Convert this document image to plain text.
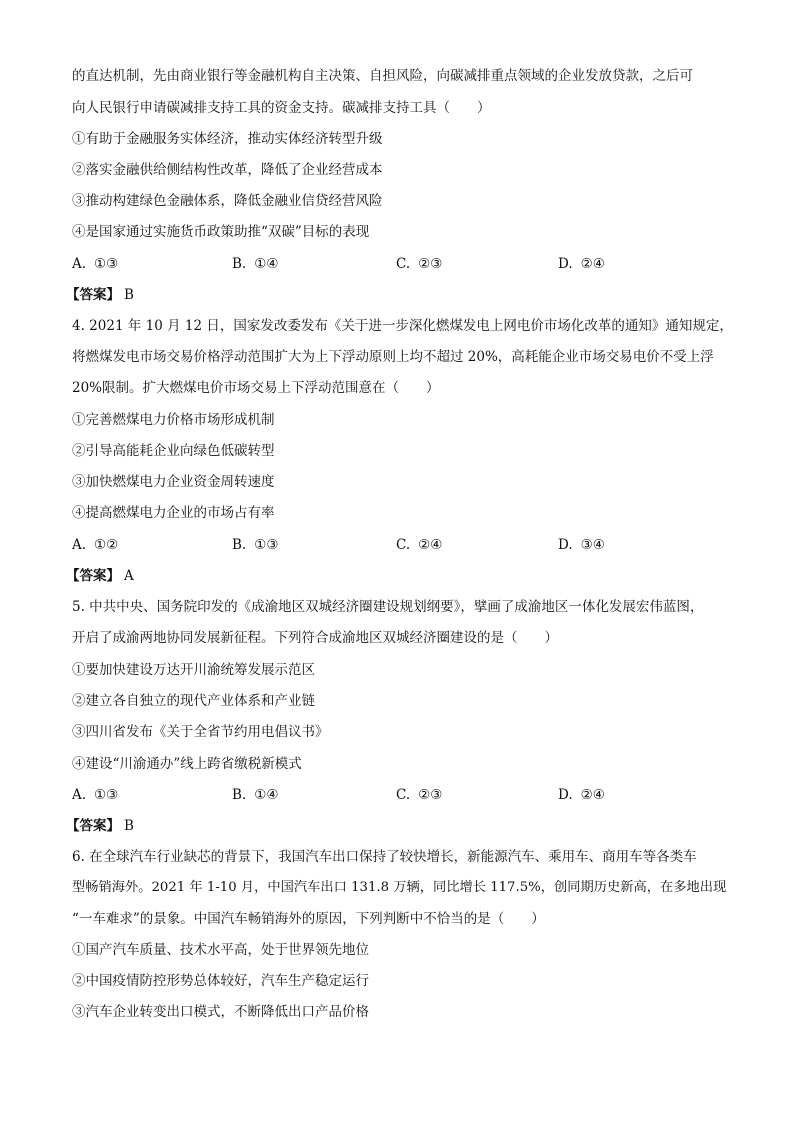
的直达机制，先由商业银行等金融机构自主决策、自担风险，向碳减排重点领域的企业发放贷款，之后可
向人民银行申请碳减排支持工具的资金支持。碳减排支持工具（　　）
①有助于金融服务实体经济，推动实体经济转型升级
②落实金融供给侧结构性改革，降低了企业经营成本
③推动构建绿色金融体系，降低金融业信贷经营风险
④是国家通过实施货币政策助推“双碳”目标的表现
A. ①③	B. ①④	C. ②③	D. ②④
【答案】 B
4. 2021 年 10 月 12 日，国家发改委发布《关于进一步深化燃煤发电上网电价市场化改革的通知》通知规定，
将燃煤发电市场交易价格浮动范围扩大为上下浮动原则上均不超过 20%，高耗能企业市场交易电价不受上浮
20%限制。扩大燃煤电价市场交易上下浮动范围意在（　　）
①完善燃煤电力价格市场形成机制
②引导高能耗企业向绿色低碳转型
③加快燃煤电力企业资金周转速度
④提高燃煤电力企业的市场占有率
A. ①②	B. ①③	C. ②④	D. ③④
【答案】 A
5. 中共中央、国务院印发的《成渝地区双城经济圈建设规划纲要》，擘画了成渝地区一体化发展宏伟蓝图，
开启了成渝两地协同发展新征程。下列符合成渝地区双城经济圈建设的是（　　）
①要加快建设万达开川渝统筹发展示范区
②建立各自独立的现代产业体系和产业链
③四川省发布《关于全省节约用电倡议书》
④建设“川渝通办”线上跨省缴税新模式
A. ①③	B. ①④	C. ②③	D. ②④
【答案】 B
6. 在全球汽车行业缺芯的背景下，我国汽车出口保持了较快增长，新能源汽车、乘用车、商用车等各类车
型畅销海外。2021 年 1-10 月，中国汽车出口 131.8 万辆，同比增长 117.5%，创同期历史新高，在多地出现
“一车难求”的景象。中国汽车畅销海外的原因，下列判断中不恰当的是（　　）
①国产汽车质量、技术水平高，处于世界领先地位
②中国疫情防控形势总体较好，汽车生产稳定运行
③汽车企业转变出口模式，不断降低出口产品价格
